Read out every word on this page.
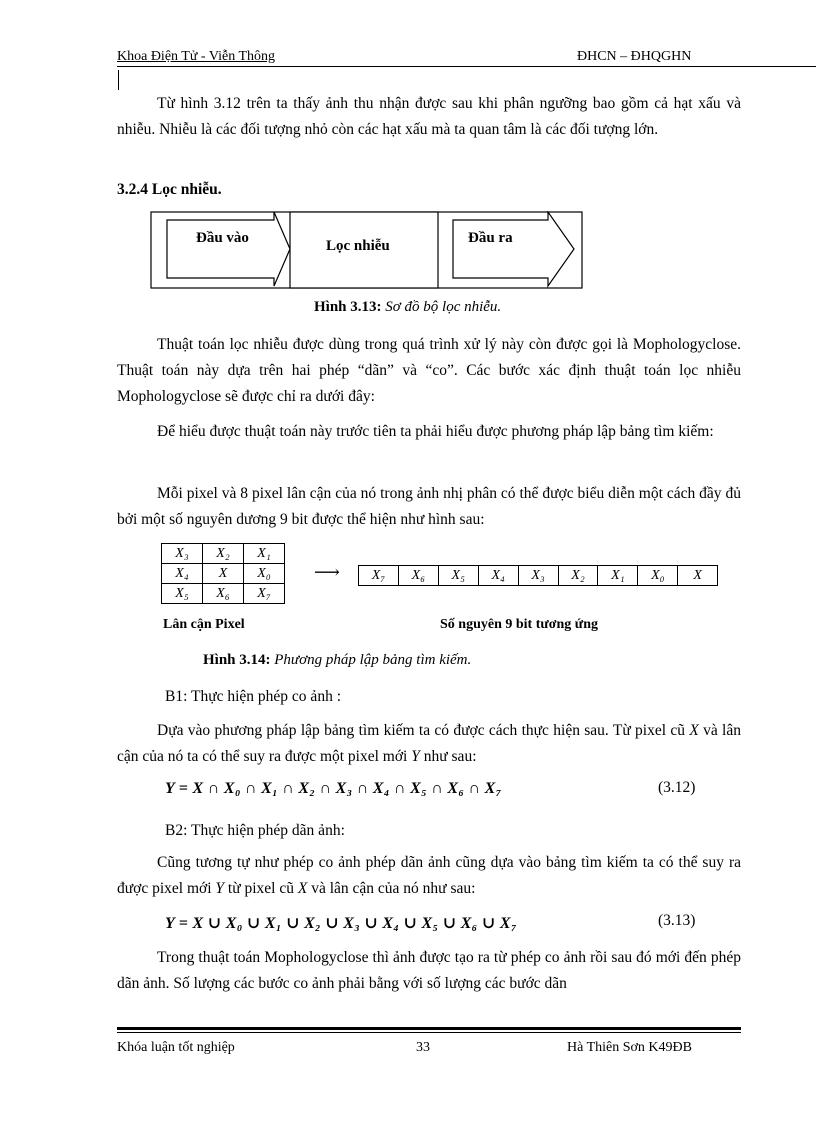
Khoa Điện Tử - Viễn Thông	ĐHCN – ĐHQGHN
Từ hình 3.12 trên ta thấy ảnh thu nhận được sau khi phân ngưỡng bao gồm cả hạt xấu và nhiễu. Nhiễu là các đối tượng nhỏ còn các hạt xấu mà ta quan tâm là các đối tượng lớn.
3.2.4 Lọc nhiễu.
Đầu vào	Lọc nhiễu	Đầu ra
Hình 3.13: Sơ đồ bộ lọc nhiễu.
Thuật toán lọc nhiễu được dùng trong quá trình xử lý này còn được gọi là Mophologyclose. Thuật toán này dựa trên hai phép “dãn” và “co”. Các bước xác định thuật toán lọc nhiễu Mophologyclose sẽ được chỉ ra dưới đây:
Để hiểu được thuật toán này trước tiên ta phải hiểu được phương pháp lập bảng tìm kiếm:
Mỗi pixel và 8 pixel lân cận của nó trong ảnh nhị phân có thể được biểu diễn một cách đầy đủ bởi một số nguyên dương 9 bit được thể hiện như hình sau:
X₃	X₂	X₁
X₄	X	X₀
X₅	X₆	X₇
⟶ X₇	X₆	X₅	X₄	X₃	X₂	X₁	X₀	X
Lân cận Pixel	Số nguyên 9 bit tương ứng
Hình 3.14: Phương pháp lập bảng tìm kiếm.
B1: Thực hiện phép co ảnh :
Dựa vào phương pháp lập bảng tìm kiếm ta có được cách thực hiện sau. Từ pixel cũ X và lân cận của nó ta có thể suy ra được một pixel mới Y như sau:
Y = X ∩ X₀ ∩ X₁ ∩ X₂ ∩ X₃ ∩ X₄ ∩ X₅ ∩ X₆ ∩ X₇	(3.12)
B2: Thực hiện phép dãn ảnh:
Cũng tương tự như phép co ảnh phép dãn ảnh cũng dựa vào bảng tìm kiếm ta có thể suy ra được pixel mới Y từ pixel cũ X và lân cận của nó như sau:
Y = X ∪ X₀ ∪ X₁ ∪ X₂ ∪ X₃ ∪ X₄ ∪ X₅ ∪ X₆ ∪ X₇	(3.13)
Trong thuật toán Mophologyclose thì ảnh được tạo ra từ phép co ảnh rồi sau đó mới đến phép dãn ảnh. Số lượng các bước co ảnh phải bằng với số lượng các bước dãn
Khóa luận tốt nghiệp	33	Hà Thiên Sơn K49ĐB
